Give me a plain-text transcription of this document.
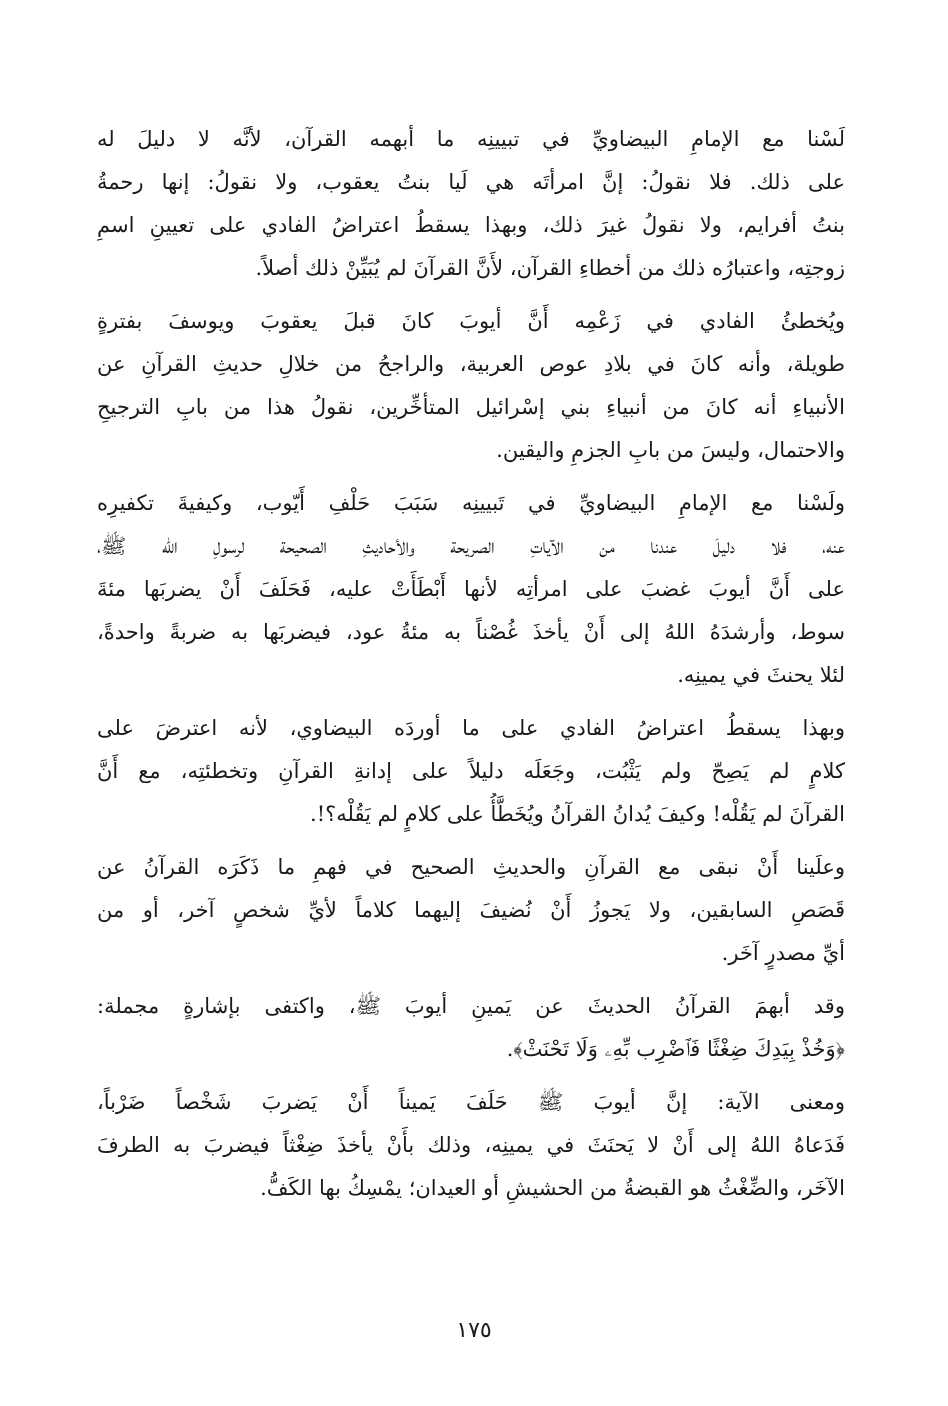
لَسْنا مع الإمامِ البيضاويِّ في تبيينِه ما أبهمه القرآن، لأنَّه لا دليلَ له
على ذلك. فلا نقولُ: إنَّ امرأتَه هي لَيا بنتُ يعقوب، ولا نقولُ: إنها رحمةُ
بنتُ أفرايم، ولا نقولُ غيرَ ذلك، وبهذا يسقطُ اعتراضُ الفادي على تعيينِ اسمِ
زوجتِه، واعتبارُه ذلك من أخطاءِ القرآن، لأَنَّ القرآنَ لم يُبَيِّنْ ذلك أصلاً.

ويُخطئُ الفادي في زَعْمِه أَنَّ أيوبَ كانَ قبلَ يعقوبَ ويوسفَ بفترةٍ
طويلة، وأنه كانَ في بلادِ عوص العربية، والراجحُ من خلالِ حديثِ القرآنِ عن
الأنبياءِ أنه كانَ من أنبياءِ بني إسْرائيل المتأخِّرين، نقولُ هذا من بابِ الترجيحِ
والاحتمال، وليسَ من بابِ الجزمِ واليقين.

ولَسْنا مع الإمامِ البيضاويِّ في تَبيينِه سَبَبَ حَلْفِ أَيّوب، وكيفيةَ تكفيرِه
عنه، فلا دليلَ عندنا من الآياتِ الصريحة والأحاديثِ الصحيحة لرسولِ الله ﷺ،
على أَنَّ أيوبَ غضبَ على امرأتِه لأنها أَبْطَأَتْ عليه، فَحَلَفَ أَنْ يضربَها مئةَ
سوط، وأرشدَهُ اللهُ إلى أَنْ يأخذَ غُصْناً به مئةُ عود، فيضربَها به ضربةً واحدةً،
لئلا يحنثَ في يمينِه.

وبهذا يسقطُ اعتراضُ الفادي على ما أوردَه البيضاوي، لأنه اعترضَ على
كلامٍ لم يَصِحّ ولم يَثْبُت، وجَعَلَه دليلاً على إدانةِ القرآنِ وتخطئتِه، مع أَنَّ
القرآنَ لم يَقُلْه! وكيفَ يُدانُ القرآنُ ويُخَطَّأُ على كلامٍ لم يَقُلْه؟!.

وعلَينا أَنْ نبقى مع القرآنِ والحديثِ الصحيح في فهمِ ما ذَكَرَه القرآنُ عن
قَصَصِ السابقين، ولا يَجوزُ أَنْ نُضيفَ إليهما كلاماً لأيِّ شخصٍ آخر، أو من
أيِّ مصدرٍ آخَر.

وقد أبهمَ القرآنُ الحديثَ عن يَمينِ أيوبَ ﷺ، واكتفى بإشارةٍ مجملة:
﴿وَخُذْ بِيَدِكَ ضِغْثًا فَٱضْرِب بِّهِۦ وَلَا تَحْنَثْ﴾.

ومعنى الآية: إنَّ أيوبَ ﷺ حَلَفَ يَميناً أَنْ يَضربَ شَخْصاً ضَرْباً،
فَدَعاهُ اللهُ إلى أَنْ لا يَحنَثَ في يمينِه، وذلك بأَنْ يأخذَ ضِغْثاً فيضربَ به الطرفَ
الآخَر، والضِّغْثُ هو القبضةُ من الحشيشِ أو العيدان؛ يمْسِكُ بها الكَفُّ.

١٧٥
